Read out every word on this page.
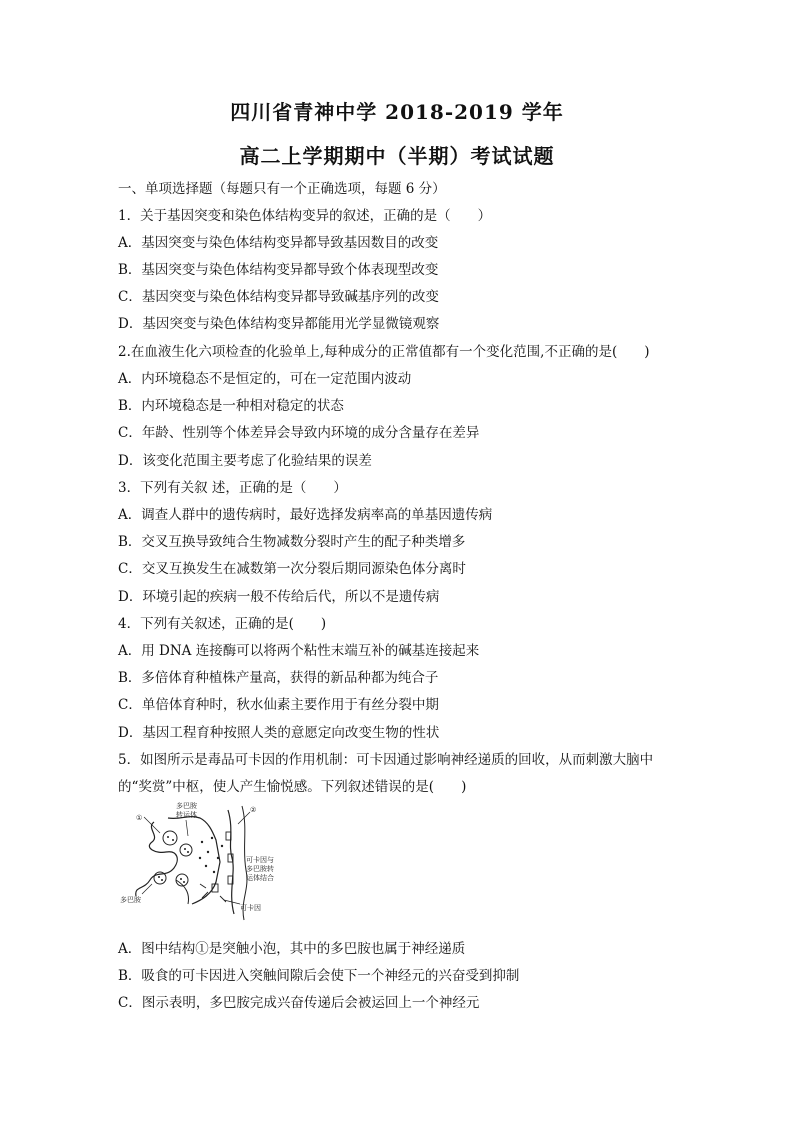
四川省青神中学 2018-2019 学年
高二上学期期中（半期）考试试题
一、单项选择题（每题只有一个正确选项，每题 6 分）
1．关于基因突变和染色体结构变异的叙述，正确的是（　　）
A．基因突变与染色体结构变异都导致基因数目的改变
B．基因突变与染色体结构变异都导致个体表现型改变
C．基因突变与染色体结构变异都导致碱基序列的改变
D．基因突变与染色体结构变异都能用光学显微镜观察
2.在血液生化六项检查的化验单上,每种成分的正常值都有一个变化范围,不正确的是(　　)
A．内环境稳态不是恒定的，可在一定范围内波动
B．内环境稳态是一种相对稳定的状态
C．年龄、性别等个体差异会导致内环境的成分含量存在差异
D．该变化范围主要考虑了化验结果的误差
3．下列有关叙 述，正确的是（　　）
A．调查人群中的遗传病时，最好选择发病率高的单基因遗传病
B．交叉互换导致纯合生物减数分裂时产生的配子种类增多
C．交叉互换发生在减数第一次分裂后期同源染色体分离时
D．环境引起的疾病一般不传给后代，所以不是遗传病
4．下列有关叙述，正确的是(　　)
A．用 DNA 连接酶可以将两个粘性末端互补的碱基连接起来
B．多倍体育种植株产量高，获得的新品种都为纯合子
C．单倍体育种时，秋水仙素主要作用于有丝分裂中期
D．基因工程育种按照人类的意愿定向改变生物的性状
5．如图所示是毒品可卡因的作用机制：可卡因通过影响神经递质的回收，从而刺激大脑中
的“奖赏”中枢，使人产生愉悦感。下列叙述错误的是(　　)
多巴胺
转运体
①
②
可卡因与
多巴胺转
运体结合
多巴胺
可卡因
A．图中结构①是突触小泡，其中的多巴胺也属于神经递质
B．吸食的可卡因进入突触间隙后会使下一个神经元的兴奋受到抑制
C．图示表明，多巴胺完成兴奋传递后会被运回上一个神经元
